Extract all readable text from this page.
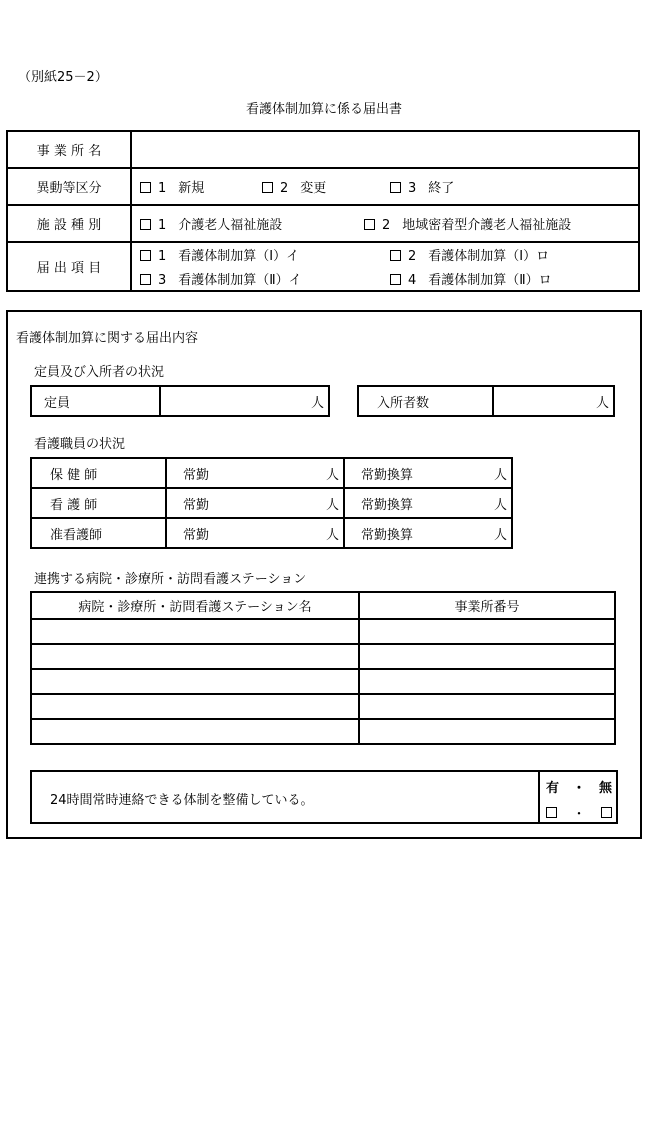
（別紙25－2）
看護体制加算に係る届出書
事 業 所 名	
異動等区分	1 新規 2 変更 3 終了
施 設 種 別	1 介護老人福祉施設 2 地域密着型介護老人福祉施設
届 出 項 目	1 看護体制加算（Ⅰ）イ 2 看護体制加算（Ⅰ）ロ
3 看護体制加算（Ⅱ）イ 4 看護体制加算（Ⅱ）ロ
看護体制加算に関する届出内容
定員及び入所者の状況
定員	人	入所者数	人
看護職員の状況
保 健 師	常勤 人	常勤換算 人

看 護 師	常勤 人	常勤換算 人

准看護師	常勤 人	常勤換算 人
連携する病院・診療所・訪問看護ステーション
病院・診療所・訪問看護ステーション名	事業所番号

24時間常時連絡できる体制を整備している。
有 ・ 無
・
